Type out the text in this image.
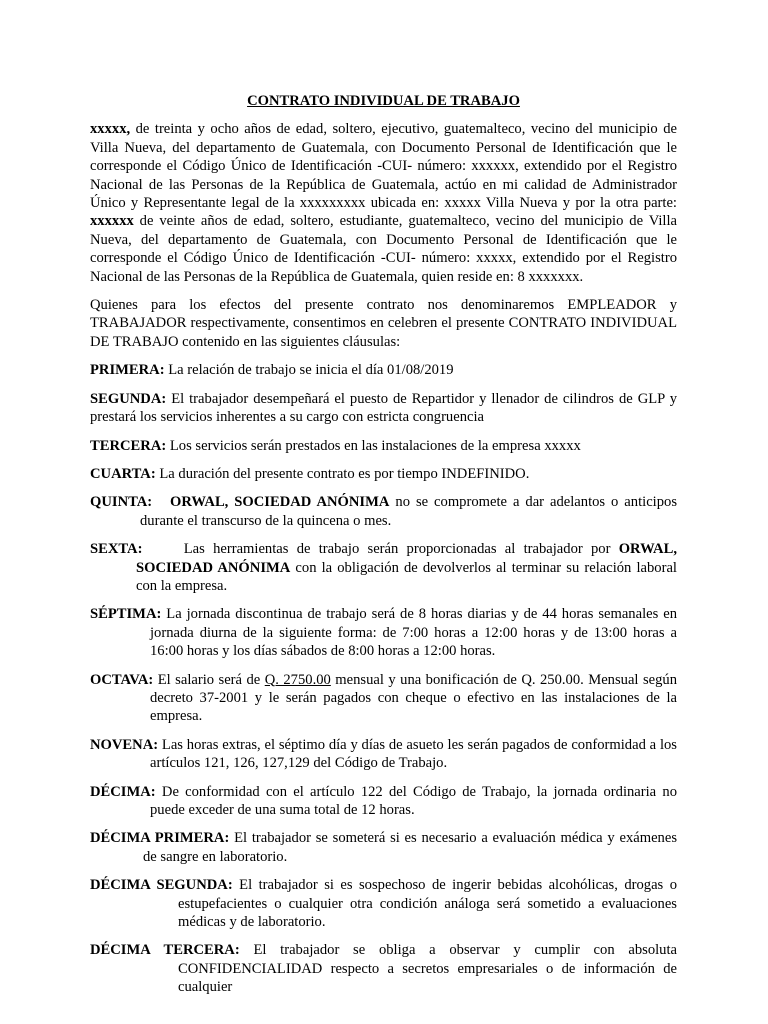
CONTRATO INDIVIDUAL DE TRABAJO

xxxxx, de treinta y ocho años de edad, soltero, ejecutivo, guatemalteco, vecino del municipio de Villa Nueva, del departamento de Guatemala, con Documento Personal de Identificación que le corresponde el Código Único de Identificación -CUI- número: xxxxxx, extendido por el Registro Nacional de las Personas de la República de Guatemala, actúo en mi calidad de Administrador Único y Representante legal de la xxxxxxxxx ubicada en: xxxxx Villa Nueva y por la otra parte: xxxxxx de veinte años de edad, soltero, estudiante, guatemalteco, vecino del municipio de Villa Nueva, del departamento de Guatemala, con Documento Personal de Identificación que le corresponde el Código Único de Identificación -CUI- número: xxxxx, extendido por el Registro Nacional de las Personas de la República de Guatemala, quien reside en: 8 xxxxxxx.

Quienes para los efectos del presente contrato nos denominaremos EMPLEADOR y TRABAJADOR respectivamente, consentimos en celebren el presente CONTRATO INDIVIDUAL DE TRABAJO contenido en las siguientes cláusulas:

PRIMERA: La relación de trabajo se inicia el día 01/08/2019
SEGUNDA: El trabajador desempeñará el puesto de Repartidor y llenador de cilindros de GLP y prestará los servicios inherentes a su cargo con estricta congruencia
TERCERA: Los servicios serán prestados en las instalaciones de la empresa xxxxx
CUARTA: La duración del presente contrato es por tiempo INDEFINIDO.
QUINTA: ORWAL, SOCIEDAD ANÓNIMA no se compromete a dar adelantos o anticipos durante el transcurso de la quincena o mes.
SEXTA:	Las herramientas de trabajo serán proporcionadas al trabajador por ORWAL, SOCIEDAD ANÓNIMA con la obligación de devolverlos al terminar su relación laboral con la empresa.
SÉPTIMA: La jornada discontinua de trabajo será de 8 horas diarias y de 44 horas semanales en jornada diurna de la siguiente forma: de 7:00 horas a 12:00 horas y de 13:00 horas a 16:00 horas y los días sábados de 8:00 horas a 12:00 horas.
OCTAVA: El salario será de Q. 2750.00 mensual y una bonificación de Q. 250.00. Mensual según decreto 37-2001 y le serán pagados con cheque o efectivo en las instalaciones de la empresa.
NOVENA: Las horas extras, el séptimo día y días de asueto les serán pagados de conformidad a los artículos 121, 126, 127,129 del Código de Trabajo.
DÉCIMA: De conformidad con el artículo 122 del Código de Trabajo, la jornada ordinaria no puede exceder de una suma total de 12 horas.
DÉCIMA PRIMERA: El trabajador se someterá si es necesario a evaluación médica y exámenes de sangre en laboratorio.
DÉCIMA SEGUNDA: El trabajador si es sospechoso de ingerir bebidas alcohólicas, drogas o estupefacientes o cualquier otra condición análoga será sometido a evaluaciones médicas y de laboratorio.
DÉCIMA TERCERA: El trabajador se obliga a observar y cumplir con absoluta CONFIDENCIALIDAD respecto a secretos empresariales o de información de cualquier
